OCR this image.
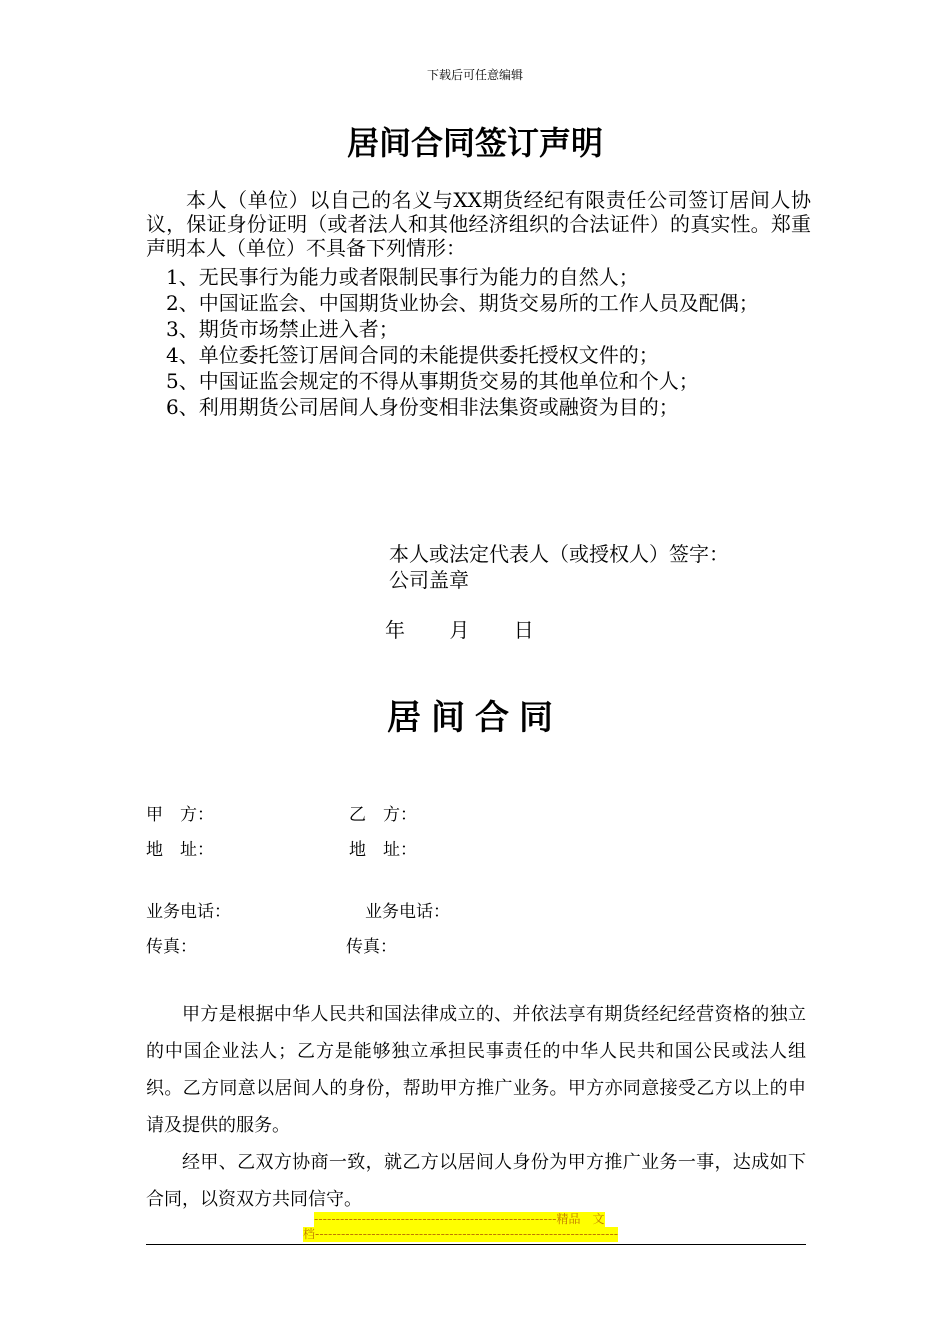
下载后可任意编辑
居间合同签订声明
本人（单位）以自己的名义与XX期货经纪有限责任公司签订居间人协议，保证身份证明（或者法人和其他经济组织的合法证件）的真实性。郑重声明本人（单位）不具备下列情形：
1、无民事行为能力或者限制民事行为能力的自然人；
2、中国证监会、中国期货业协会、期货交易所的工作人员及配偶；
3、期货市场禁止进入者；
4、单位委托签订居间合同的未能提供委托授权文件的；
5、中国证监会规定的不得从事期货交易的其他单位和个人；
6、利用期货公司居间人身份变相非法集资或融资为目的；
本人或法定代表人（或授权人）签字：
公司盖章
年　 月　 日
居间合同
甲　方：	乙　方：
地　址：	地　址：
业务电话：	业务电话：
传真：	传真：

甲方是根据中华人民共和国法律成立的、并依法享有期货经纪经营资格的独立的中国企业法人；乙方是能够独立承担民事责任的中华人民共和国公民或法人组织。乙方同意以居间人的身份，帮助甲方推广业务。甲方亦同意接受乙方以上的申请及提供的服务。

经甲、乙双方协商一致，就乙方以居间人身份为甲方推广业务一事，达成如下合同，以资双方共同信守。

--------------------------------------------------------精品　文
档----------------------------------------------------------------------
